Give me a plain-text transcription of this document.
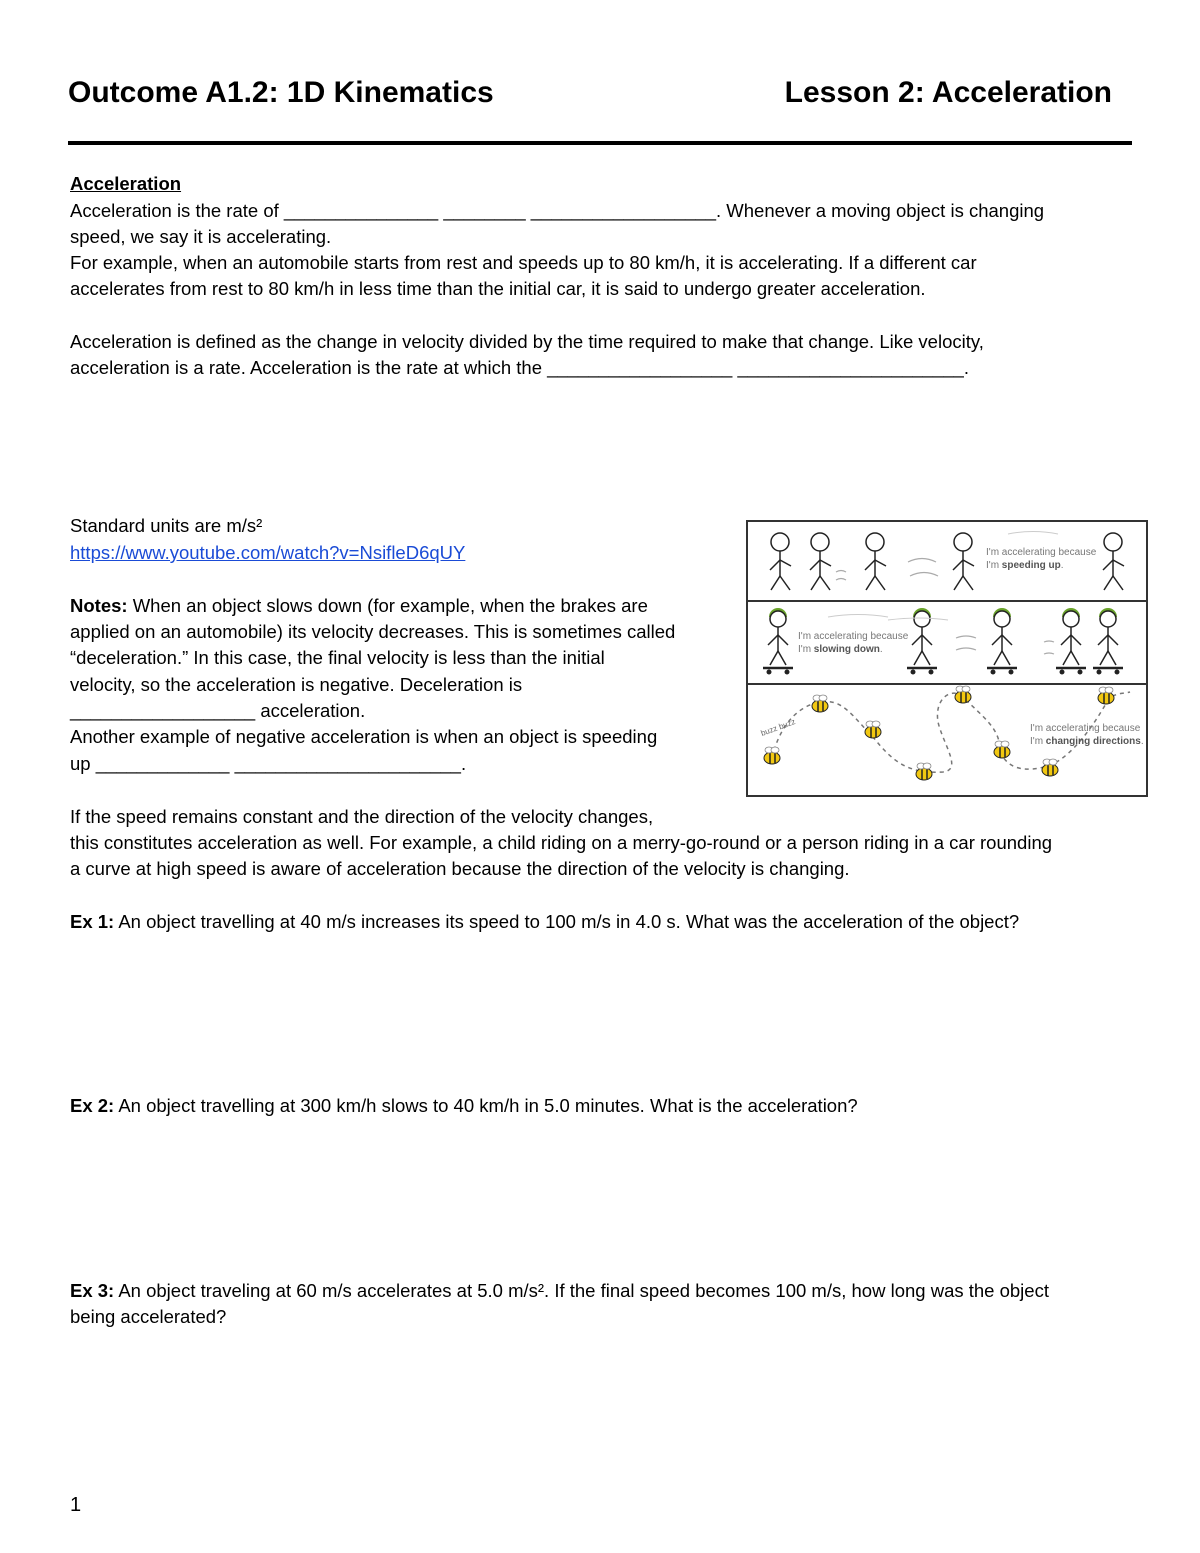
Outcome A1.2: 1D Kinematics	Lesson 2: Acceleration
Acceleration
Acceleration is the rate of _______________ ________ __________________. Whenever a moving object is changing
speed, we say it is accelerating.
For example, when an automobile starts from rest and speeds up to 80 km/h, it is accelerating. If a different car
accelerates from rest to 80 km/h in less time than the initial car, it is said to undergo greater acceleration.
Acceleration is defined as the change in velocity divided by the time required to make that change. Like velocity,
acceleration is a rate. Acceleration is the rate at which the __________________ ______________________.
Standard units are m/s²
https://www.youtube.com/watch?v=NsifleD6qUY
Notes: When an object slows down (for example, when the brakes are
applied on an automobile) its velocity decreases. This is sometimes called
“deceleration.” In this case, the final velocity is less than the initial
velocity, so the acceleration is negative. Deceleration is
__________________ acceleration.
Another example of negative acceleration is when an object is speeding
up _____________ ______________________.
If the speed remains constant and the direction of the velocity changes,
this constitutes acceleration as well. For example, a child riding on a merry-go-round or a person riding in a car rounding
a curve at high speed is aware of acceleration because the direction of the velocity is changing.
Ex 1: An object travelling at 40 m/s increases its speed to 100 m/s in 4.0 s. What was the acceleration of the object?
Ex 2: An object travelling at 300 km/h slows to 40 km/h in 5.0 minutes. What is the acceleration?
Ex 3: An object traveling at 60 m/s accelerates at 5.0 m/s². If the final speed becomes 100 m/s, how long was the object
being accelerated?
I'm accelerating because
I'm speeding up.
I'm accelerating because
I'm slowing down.
buzz buzz	I'm accelerating because
I'm changing directions.
1
